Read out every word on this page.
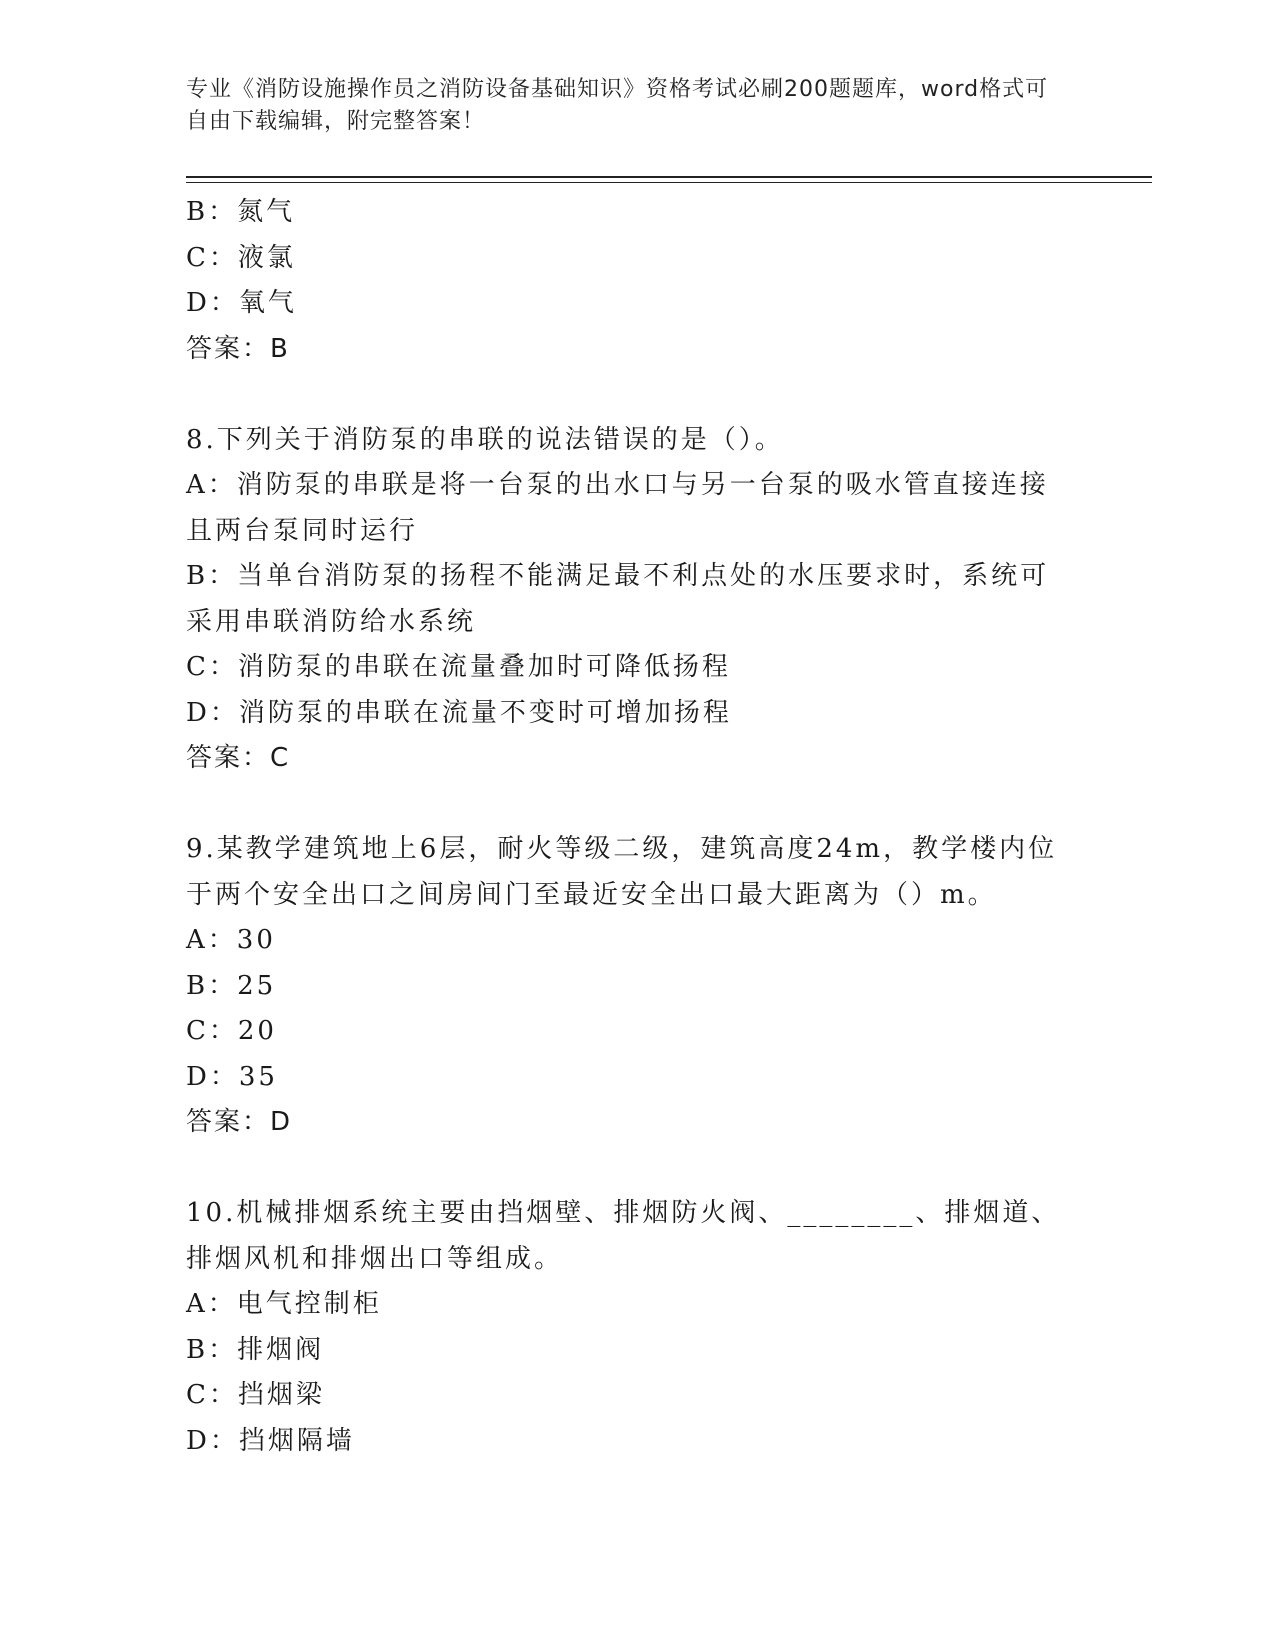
专业《消防设施操作员之消防设备基础知识》资格考试必刷200题题库，word格式可自由下载编辑，附完整答案！
B：氮气
C：液氯
D：氧气
答案：B
8.下列关于消防泵的串联的说法错误的是（）。
A：消防泵的串联是将一台泵的出水口与另一台泵的吸水管直接连接且两台泵同时运行
B：当单台消防泵的扬程不能满足最不利点处的水压要求时，系统可采用串联消防给水系统
C：消防泵的串联在流量叠加时可降低扬程
D：消防泵的串联在流量不变时可增加扬程
答案：C
9.某教学建筑地上6层，耐火等级二级，建筑高度24m，教学楼内位于两个安全出口之间房间门至最近安全出口最大距离为（）m。
A：30
B：25
C：20
D：35
答案：D
10.机械排烟系统主要由挡烟壁、排烟防火阀、________、排烟道、排烟风机和排烟出口等组成。
A：电气控制柜
B：排烟阀
C：挡烟梁
D：挡烟隔墙
